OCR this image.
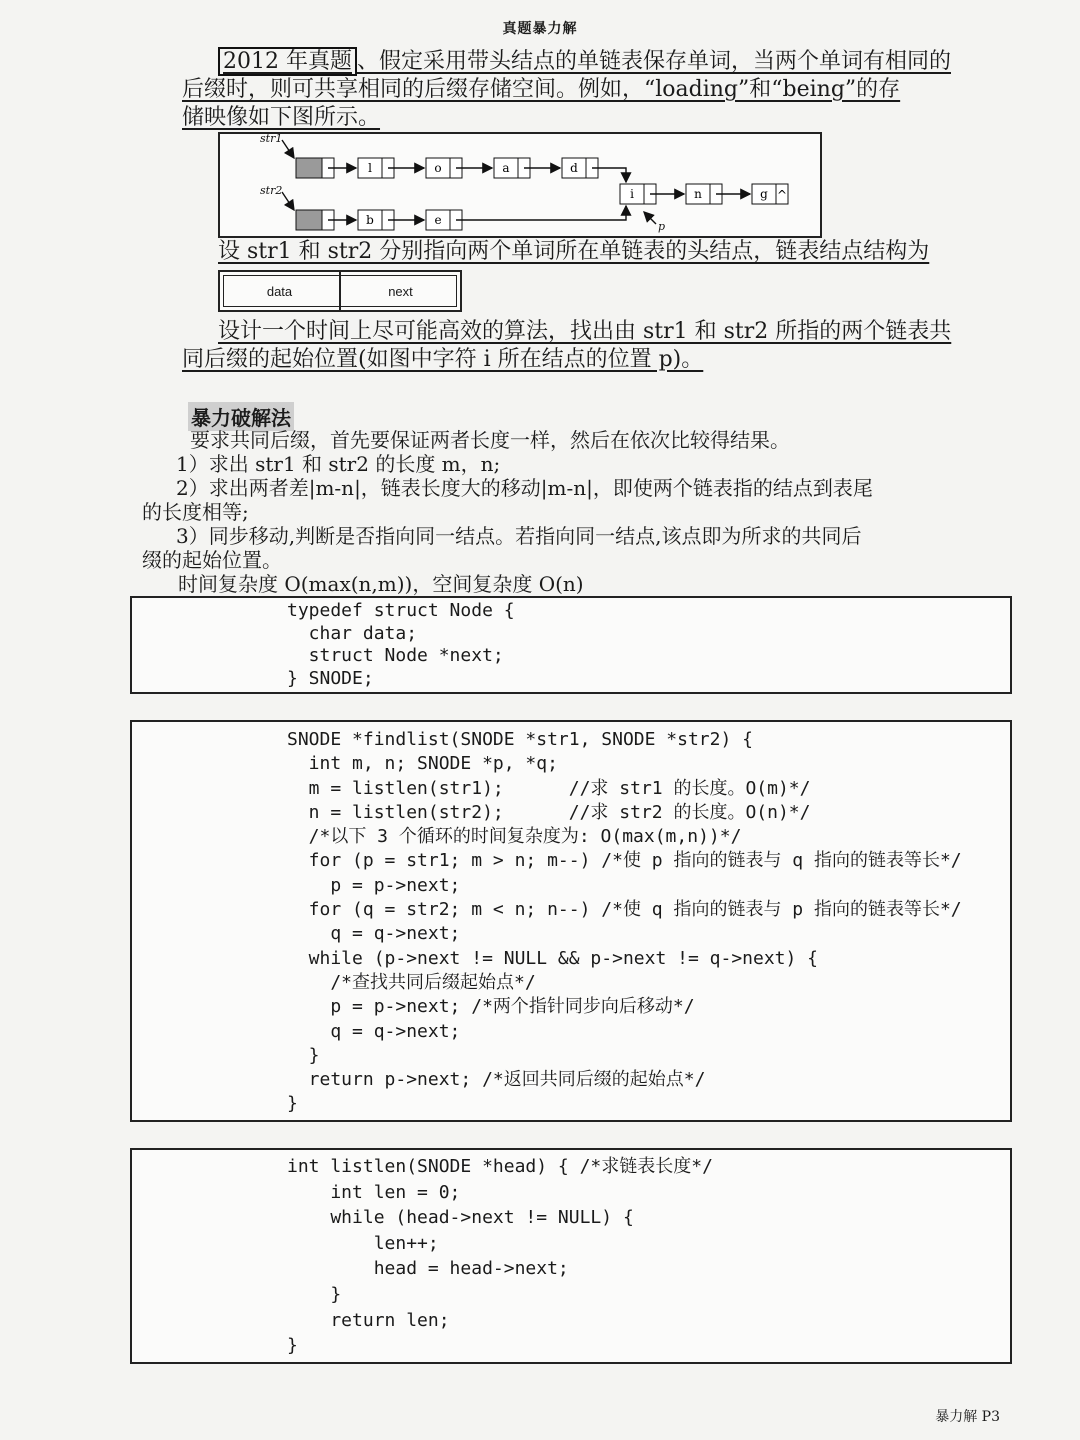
真题暴力解
2012 年真题 、假定采用带头结点的单链表保存单词，当两个单词有相同的
后缀时，则可共享相同的后缀存储空间。例如，“loading”和“being”的存
储映像如下图所示。
str1
str2
p
l	o	a	d
b	e
i	n	g ^
设 str1 和 str2 分别指向两个单词所在单链表的头结点，链表结点结构为
data	next
设计一个时间上尽可能高效的算法，找出由 str1 和 str2 所指的两个链表共
同后缀的起始位置(如图中字符 i 所在结点的位置 p)。
暴力破解法
要求共同后缀，首先要保证两者长度一样，然后在依次比较得结果。
1）求出 str1 和 str2 的长度 m，n;
2）求出两者差|m-n|，链表长度大的移动|m-n|，即使两个链表指的结点到表尾
的长度相等;
3）同步移动,判断是否指向同一结点。若指向同一结点,该点即为所求的共同后
缀的起始位置。
时间复杂度 O(max(n,m))，空间复杂度 O(n)
typedef struct Node {
char data;
struct Node *next;
} SNODE;
SNODE *findlist(SNODE *str1, SNODE *str2) {
int m, n; SNODE *p, *q;
m = listlen(str1);      //求 str1 的长度。O(m)*/
n = listlen(str2);      //求 str2 的长度。O(n)*/
/*以下 3 个循环的时间复杂度为: O(max(m,n))*/
for (p = str1; m > n; m--) /*使 p 指向的链表与 q 指向的链表等长*/
p = p->next;
for (q = str2; m < n; n--) /*使 q 指向的链表与 p 指向的链表等长*/
q = q->next;
while (p->next != NULL && p->next != q->next) {
/*查找共同后缀起始点*/
p = p->next; /*两个指针同步向后移动*/
q = q->next;
}
return p->next; /*返回共同后缀的起始点*/
}
int listlen(SNODE *head) { /*求链表长度*/
int len = 0;
while (head->next != NULL) {
len++;
head = head->next;
}
return len;
}
暴力解 P3
